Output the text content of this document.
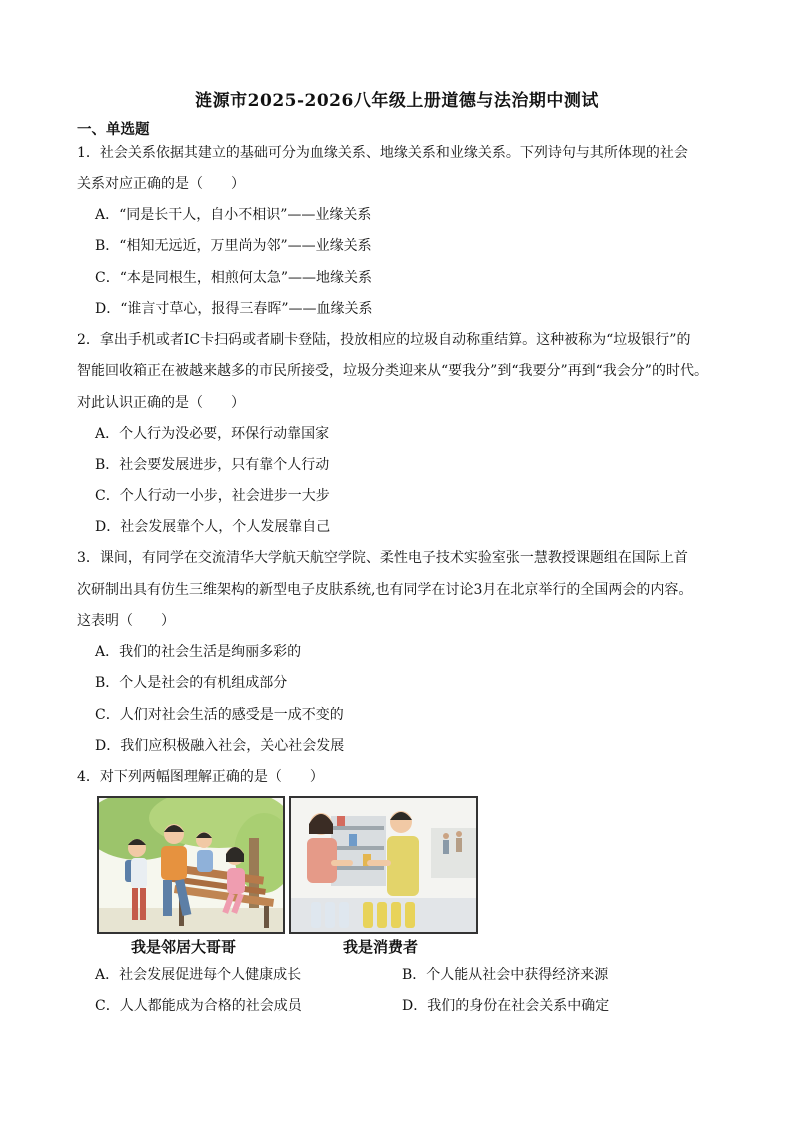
涟源市2025-2026八年级上册道德与法治期中测试
一、单选题
1．社会关系依据其建立的基础可分为血缘关系、地缘关系和业缘关系。下列诗句与其所体现的社会
关系对应正确的是（　　）
A．“同是长干人，自小不相识”——业缘关系
B．“相知无远近，万里尚为邻”——业缘关系
C．“本是同根生，相煎何太急”——地缘关系
D．“谁言寸草心，报得三春晖”——血缘关系
2．拿出手机或者IC卡扫码或者刷卡登陆，投放相应的垃圾自动称重结算。这种被称为“垃圾银行”的
智能回收箱正在被越来越多的市民所接受，垃圾分类迎来从“要我分”到“我要分”再到“我会分”的时代。
对此认识正确的是（　　）
A．个人行为没必要，环保行动靠国家
B．社会要发展进步，只有靠个人行动
C．个人行动一小步，社会进步一大步
D．社会发展靠个人，个人发展靠自己
3．课间，有同学在交流清华大学航天航空学院、柔性电子技术实验室张一慧教授课题组在国际上首
次研制出具有仿生三维架构的新型电子皮肤系统,也有同学在讨论3月在北京举行的全国两会的内容。
这表明（　　）
A．我们的社会生活是绚丽多彩的
B．个人是社会的有机组成部分
C．人们对社会生活的感受是一成不变的
D．我们应积极融入社会，关心社会发展
4．对下列两幅图理解正确的是（　　）
我是邻居大哥哥	我是消费者
A．社会发展促进每个人健康成长	B．个人能从社会中获得经济来源
C．人人都能成为合格的社会成员	D．我们的身份在社会关系中确定
